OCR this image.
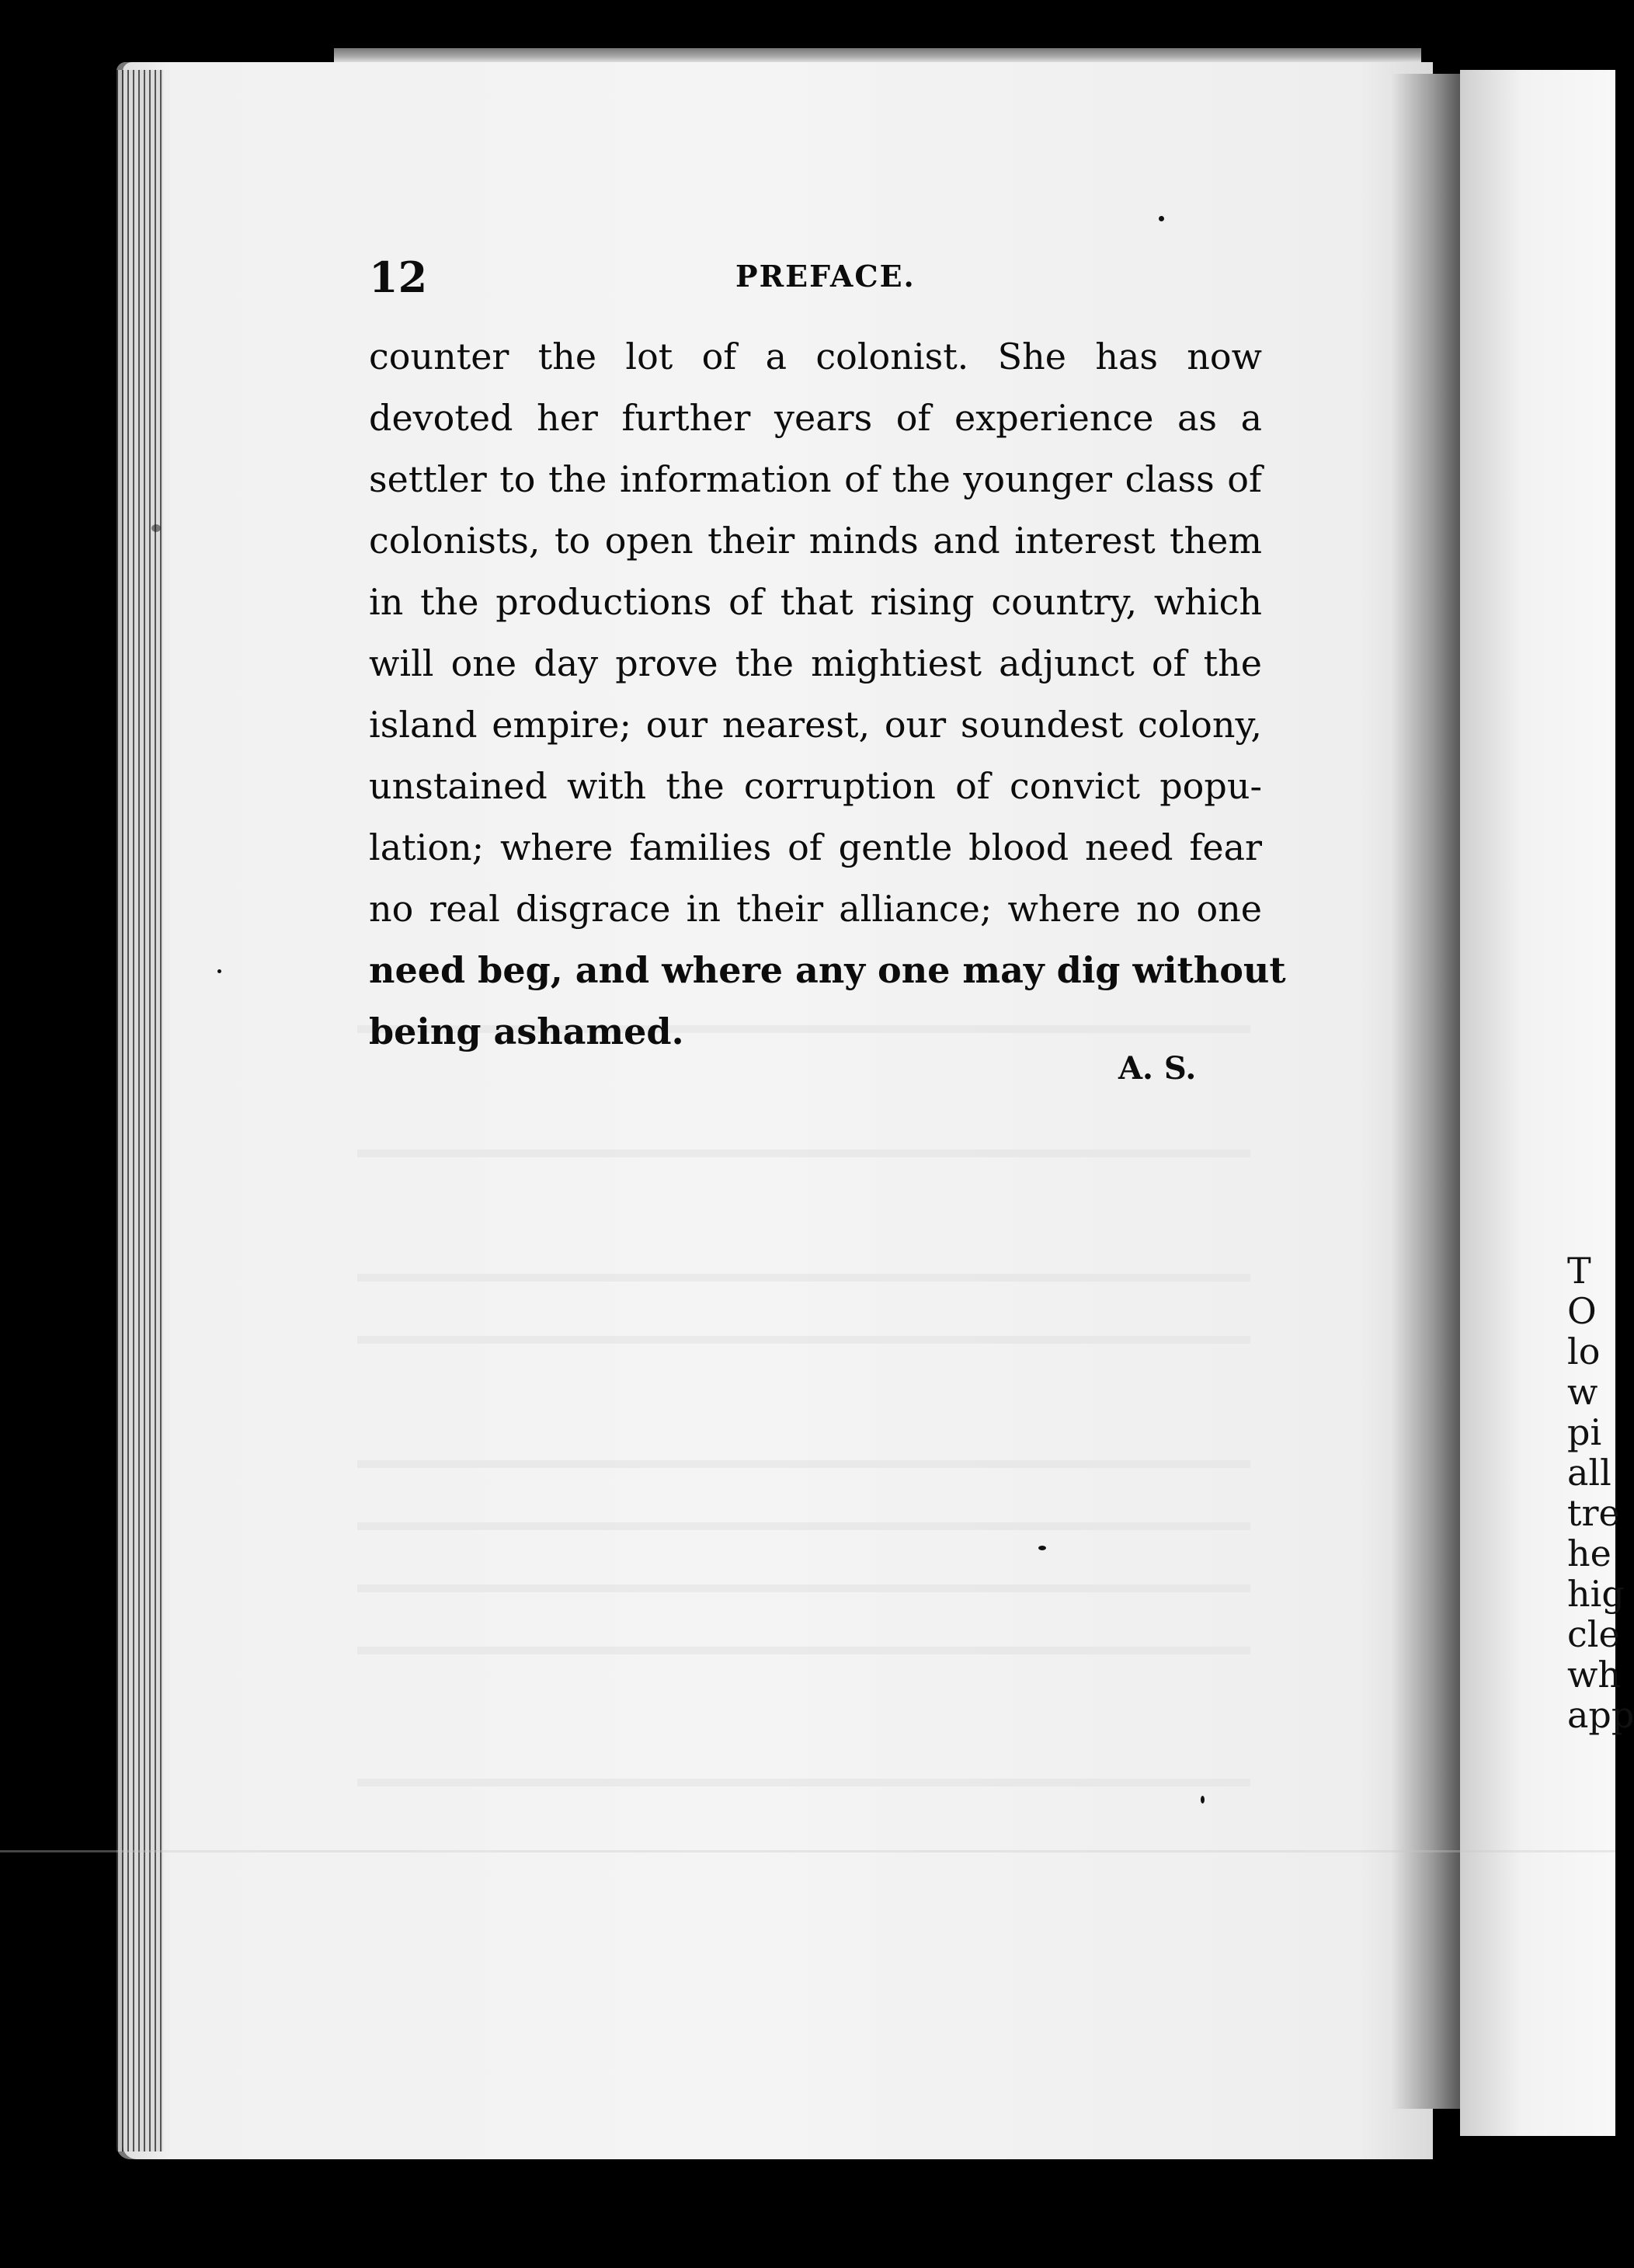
12	PREFACE.
counter the lot of a colonist. She has now
devoted her further years of experience as a
settler to the information of the younger class of
colonists, to open their minds and interest them
in the productions of that rising country, which
will one day prove the mightiest adjunct of the
island empire; our nearest, our soundest colony,
unstained with the corruption of convict popu-
lation; where families of gentle blood need fear
no real disgrace in their alliance; where no one
need beg, and where any one may dig without
being ashamed.
A. S.
T
O
lo
w
pi
all
tre
he
hig
cle
wh
app
